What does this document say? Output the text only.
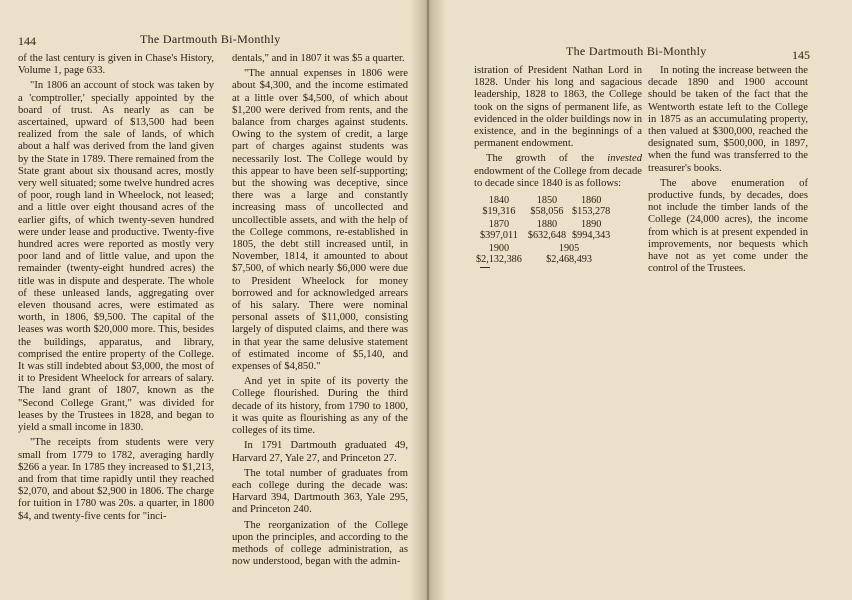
144	The Dartmouth Bi-Monthly

of the last century is given in Chase's History, Volume 1, page 633.

"In 1806 an account of stock was taken by a 'comptroller,' specially appointed by the board of trust. As nearly as can be ascertained, upward of $13,500 had been realized from the sale of lands, of which about a half was derived from the land given by the State in 1789. There remained from the State grant about six thousand acres, mostly very well situated; some twelve hundred acres of poor, rough land in Wheelock, not leased; and a little over eight thousand acres of the earlier gifts, of which twenty-seven hundred were under lease and productive. Twenty-five hundred acres were reported as mostly very poor land and of little value, and upon the remainder (twenty-eight hundred acres) the title was in dispute and desperate. The whole of these unleased lands, aggregating over eleven thousand acres, were estimated as worth, in 1806, $9,500. The capital of the leases was worth $20,000 more. This, besides the buildings, apparatus, and library, comprised the entire property of the College. It was still indebted about $3,000, the most of it to President Wheelock for arrears of salary. The land grant of 1807, known as the "Second College Grant," was divided for leases by the Trustees in 1828, and began to yield a small income in 1830.

"The receipts from students were very small from 1779 to 1782, averaging hardly $266 a year. In 1785 they increased to $1,213, and from that time rapidly until they reached $2,070, and about $2,900 in 1806. The charge for tuition in 1780 was 20s. a quarter, in 1800 $4, and twenty-five cents for "inci-

dentals," and in 1807 it was $5 a quarter.

"The annual expenses in 1806 were about $4,300, and the income estimated at a little over $4,500, of which about $1,200 were derived from rents, and the balance from charges against students. Owing to the system of credit, a large part of charges against students was necessarily lost. The College would by this appear to have been self-supporting; but the showing was deceptive, since there was a large and constantly increasing mass of uncollected and uncollectible assets, and with the help of the College commons, re-established in 1805, the debt still increased until, in November, 1814, it amounted to about $7,500, of which nearly $6,000 were due to President Wheelock for money borrowed and for acknowledged arrears of his salary. There were nominal personal assets of $11,000, consisting largely of disputed claims, and there was in that year the same delusive statement of estimated income of $5,140, and expenses of $4,850."

And yet in spite of its poverty the College flourished. During the third decade of its history, from 1790 to 1800, it was quite as flourishing as any of the colleges of its time.

In 1791 Dartmouth graduated 49, Harvard 27, Yale 27, and Princeton 27.

The total number of graduates from each college during the decade was: Harvard 394, Dartmouth 363, Yale 295, and Princeton 240.

The reorganization of the College upon the principles, and according to the methods of college administration, as now understood, began with the admin-

The Dartmouth Bi-Monthly	145

istration of President Nathan Lord in 1828. Under his long and sagacious leadership, 1828 to 1863, the College took on the signs of permanent life, as evidenced in the older buildings now in existence, and in the beginnings of a permanent endowment.

The growth of the invested endowment of the College from decade to decade since 1840 is as follows:

1840	1850	1860
$19,316	$58,056	$153,278
1870	1880	1890
$397,011	$632,648	$994,343
1900	1905	
$2,132,386	$2,468,493	

In noting the increase between the decade 1890 and 1900 account should be taken of the fact that the Wentworth estate left to the College in 1875 as an accumulating property, then valued at $300,000, reached the designated sum, $500,000, in 1897, when the fund was transferred to the treasurer's books.

The above enumeration of productive funds, by decades, does not include the timber lands of the College (24,000 acres), the income from which is at present expended in improvements, nor bequests which have not as yet come under the control of the Trustees.
